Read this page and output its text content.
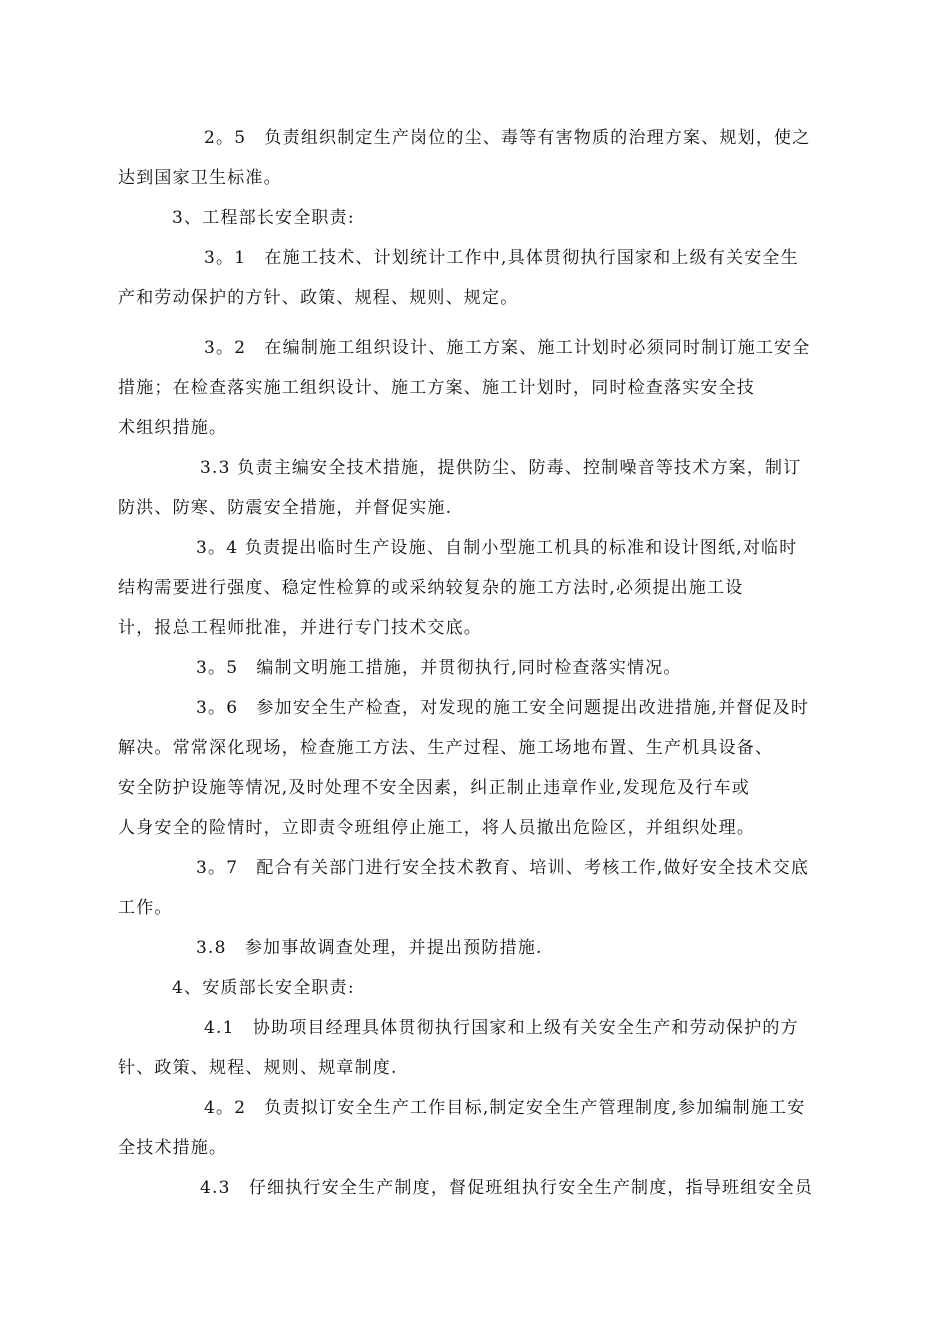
2。5　负责组织制定生产岗位的尘、毒等有害物质的治理方案、规划，使之
达到国家卫生标准。
3、工程部长安全职责:
3。1　在施工技术、计划统计工作中,具体贯彻执行国家和上级有关安全生
产和劳动保护的方针、政策、规程、规则、规定。
3。2　在编制施工组织设计、施工方案、施工计划时必须同时制订施工安全
措施；在检查落实施工组织设计、施工方案、施工计划时，同时检查落实安全技
术组织措施。
3.3 负责主编安全技术措施，提供防尘、防毒、控制噪音等技术方案，制订
防洪、防寒、防震安全措施，并督促实施.
3。4 负责提出临时生产设施、自制小型施工机具的标准和设计图纸,对临时
结构需要进行强度、稳定性检算的或采纳较复杂的施工方法时,必须提出施工设
计，报总工程师批准，并进行专门技术交底。
3。5　编制文明施工措施，并贯彻执行,同时检查落实情况。
3。6　参加安全生产检查，对发现的施工安全问题提出改进措施,并督促及时
解决。常常深化现场，检查施工方法、生产过程、施工场地布置、生产机具设备、
安全防护设施等情况,及时处理不安全因素，纠正制止违章作业,发现危及行车或
人身安全的险情时，立即责令班组停止施工，将人员撤出危险区，并组织处理。
3。7　配合有关部门进行安全技术教育、培训、考核工作,做好安全技术交底
工作。
3.8　参加事故调查处理，并提出预防措施.
4、安质部长安全职责:
4.1　协助项目经理具体贯彻执行国家和上级有关安全生产和劳动保护的方
针、政策、规程、规则、规章制度.
4。2　负责拟订安全生产工作目标,制定安全生产管理制度,参加编制施工安
全技术措施。
4.3　仔细执行安全生产制度，督促班组执行安全生产制度，指导班组安全员
